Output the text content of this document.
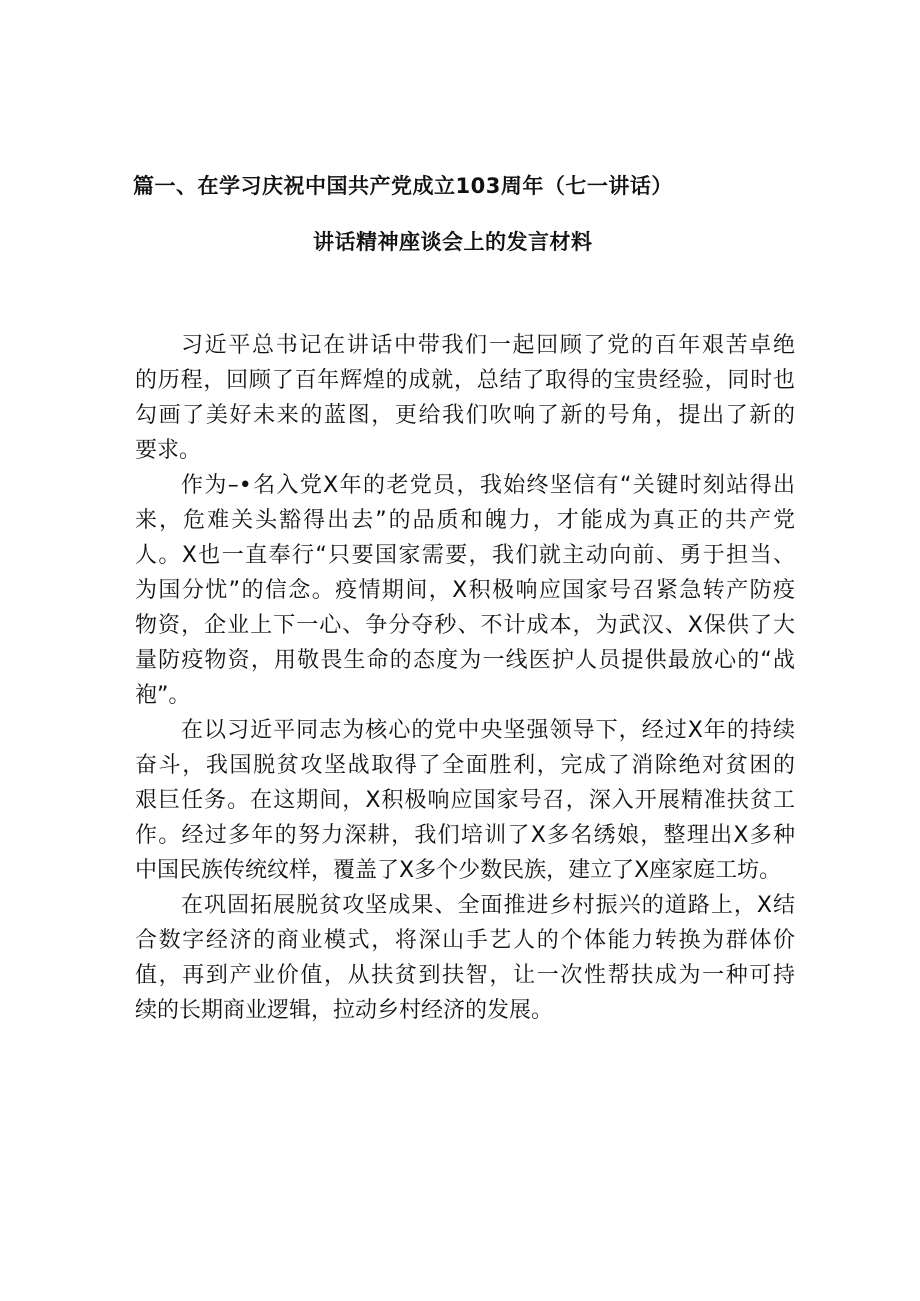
篇一、在学习庆祝中国共产党成立103周年（七一讲话）
讲话精神座谈会上的发言材料
习近平总书记在讲话中带我们一起回顾了党的百年艰苦卓绝
的历程，回顾了百年辉煌的成就，总结了取得的宝贵经验，同时也
勾画了美好未来的蓝图，更给我们吹响了新的号角，提出了新的
要求。
作为–•名入党X年的老党员，我始终坚信有“关键时刻站得出
来，危难关头豁得出去”的品质和魄力，才能成为真正的共产党
人。X也一直奉行“只要国家需要，我们就主动向前、勇于担当、
为国分忧”的信念。疫情期间，X积极响应国家号召紧急转产防疫
物资，企业上下一心、争分夺秒、不计成本，为武汉、X保供了大
量防疫物资，用敬畏生命的态度为一线医护人员提供最放心的“战
袍”。
在以习近平同志为核心的党中央坚强领导下，经过X年的持续
奋斗，我国脱贫攻坚战取得了全面胜利，完成了消除绝对贫困的
艰巨任务。在这期间，X积极响应国家号召，深入开展精准扶贫工
作。经过多年的努力深耕，我们培训了X多名绣娘，整理出X多种
中国民族传统纹样，覆盖了X多个少数民族，建立了X座家庭工坊。
在巩固拓展脱贫攻坚成果、全面推进乡村振兴的道路上，X结
合数字经济的商业模式，将深山手艺人的个体能力转换为群体价
值，再到产业价值，从扶贫到扶智，让一次性帮扶成为一种可持
续的长期商业逻辑，拉动乡村经济的发展。
